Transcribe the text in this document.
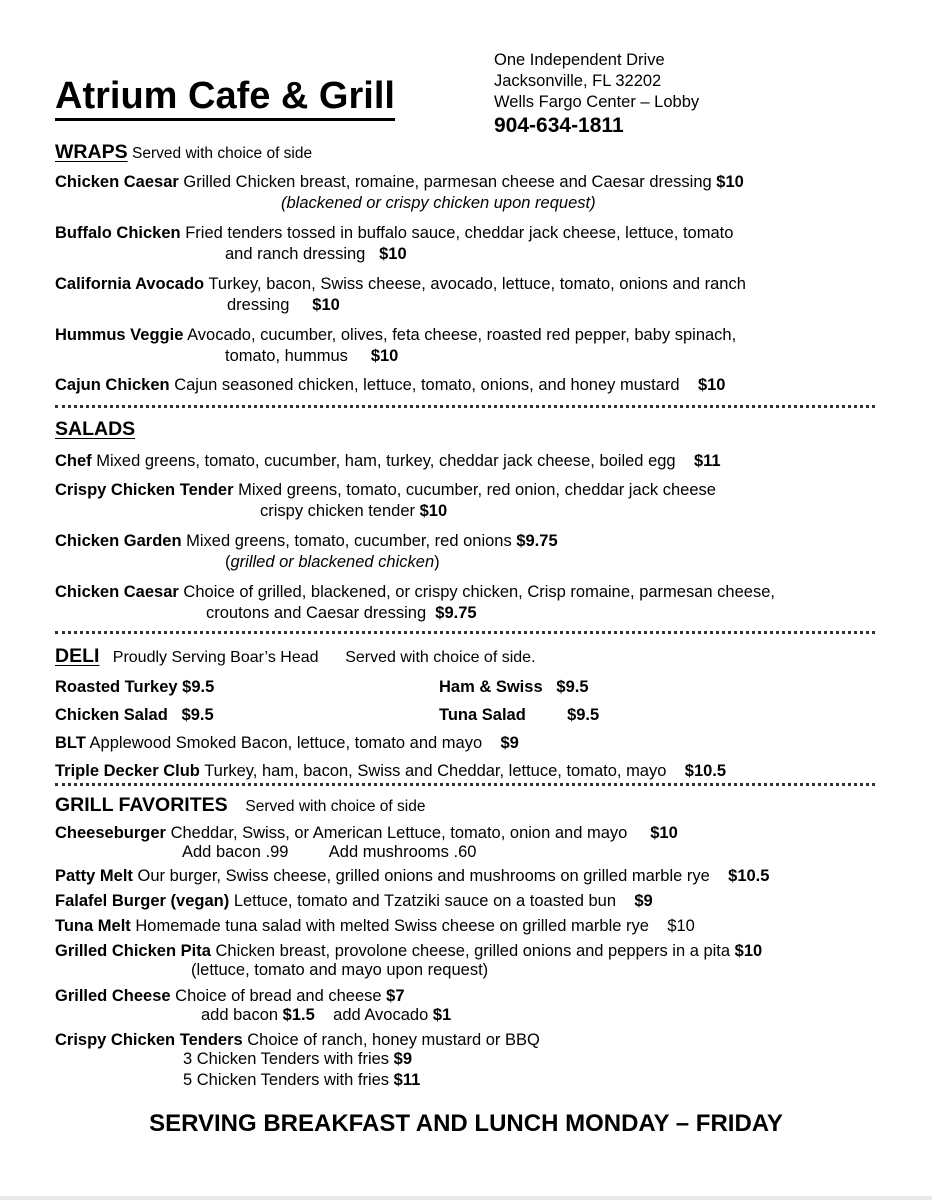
Atrium Cafe & Grill
One Independent Drive
Jacksonville, FL 32202
Wells Fargo Center – Lobby
904-634-1811
WRAPS Served with choice of side
Chicken Caesar Grilled Chicken breast, romaine, parmesan cheese and Caesar dressing $10
(blackened or crispy chicken upon request)
Buffalo Chicken Fried tenders tossed in buffalo sauce, cheddar jack cheese, lettuce, tomato
and ranch dressing $10
California Avocado Turkey, bacon, Swiss cheese, avocado, lettuce, tomato, onions and ranch
dressing $10
Hummus Veggie Avocado, cucumber, olives, feta cheese, roasted red pepper, baby spinach,
tomato, hummus $10
Cajun Chicken Cajun seasoned chicken, lettuce, tomato, onions, and honey mustard $10
SALADS
Chef Mixed greens, tomato, cucumber, ham, turkey, cheddar jack cheese, boiled egg $11
Crispy Chicken Tender Mixed greens, tomato, cucumber, red onion, cheddar jack cheese
crispy chicken tender $10
Chicken Garden Mixed greens, tomato, cucumber, red onions $9.75
(grilled or blackened chicken)
Chicken Caesar Choice of grilled, blackened, or crispy chicken, Crisp romaine, parmesan cheese,
croutons and Caesar dressing $9.75
DELI Proudly Serving Boar’s Head Served with choice of side.
Roasted Turkey $9.5	Ham & Swiss $9.5
Chicken Salad $9.5	Tuna Salad	$9.5
BLT Applewood Smoked Bacon, lettuce, tomato and mayo $9
Triple Decker Club Turkey, ham, bacon, Swiss and Cheddar, lettuce, tomato, mayo $10.5
GRILL FAVORITES Served with choice of side
Cheeseburger Cheddar, Swiss, or American Lettuce, tomato, onion and mayo $10
Add bacon .99 Add mushrooms .60
Patty Melt Our burger, Swiss cheese, grilled onions and mushrooms on grilled marble rye $10.5
Falafel Burger (vegan) Lettuce, tomato and Tzatziki sauce on a toasted bun $9
Tuna Melt Homemade tuna salad with melted Swiss cheese on grilled marble rye $10
Grilled Chicken Pita Chicken breast, provolone cheese, grilled onions and peppers in a pita $10
(lettuce, tomato and mayo upon request)
Grilled Cheese Choice of bread and cheese $7
add bacon $1.5 add Avocado $1
Crispy Chicken Tenders Choice of ranch, honey mustard or BBQ
3 Chicken Tenders with fries $9
5 Chicken Tenders with fries $11
SERVING BREAKFAST AND LUNCH MONDAY – FRIDAY
